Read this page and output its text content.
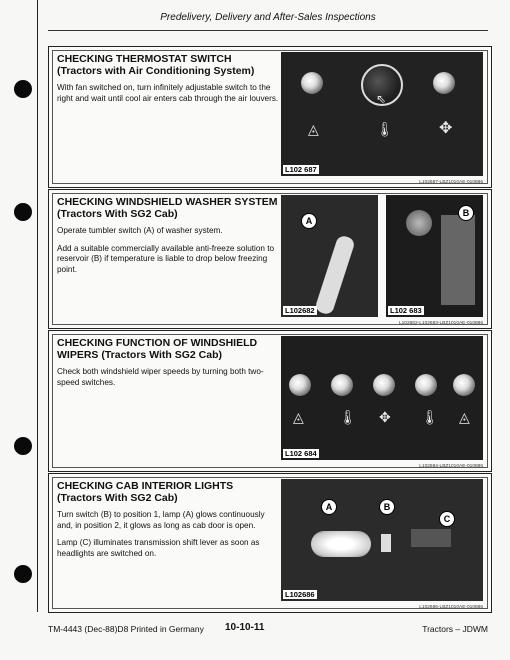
Predelivery, Delivery and After-Sales Inspections
CHECKING THERMOSTAT SWITCH (Tractors with Air Conditioning System)
With fan switched on, turn infinitely adjustable switch to the right and wait until cool air enters cab through the air louvers.	⇖
◬	🌡	✥
L102 687
L102687-LBZ1010AE-010886
CHECKING WINDSHIELD WASHER SYSTEM (Tractors With SG2 Cab)
Operate tumbler switch (A) of washer system.
Add a suitable commercially available anti-freeze solution to reservoir (B) if temperature is liable to drop below freezing point.
A
L102682
B
L102 683
L102682-L102683-LBZ1010AE-010886
CHECKING FUNCTION OF WINDSHIELD WIPERS (Tractors With SG2 Cab)
Check both windshield wiper speeds by turning both two-speed switches.
◬	🌡 ✥ 🌡 ◬
L102 684
L102684-LBZ1010AE-010886
CHECKING CAB INTERIOR LIGHTS (Tractors With SG2 Cab)
Turn switch (B) to position 1, lamp (A) glows continuously and, in position 2, it glows as long as cab door is open.
Lamp (C) illuminates transmission shift lever as soon as headlights are switched on.
A	B
C
L102686
L102686-LBZ1010AE-010886
TM-4443 (Dec-88)D8 Printed in Germany 10-10-11	Tractors – JDWM
